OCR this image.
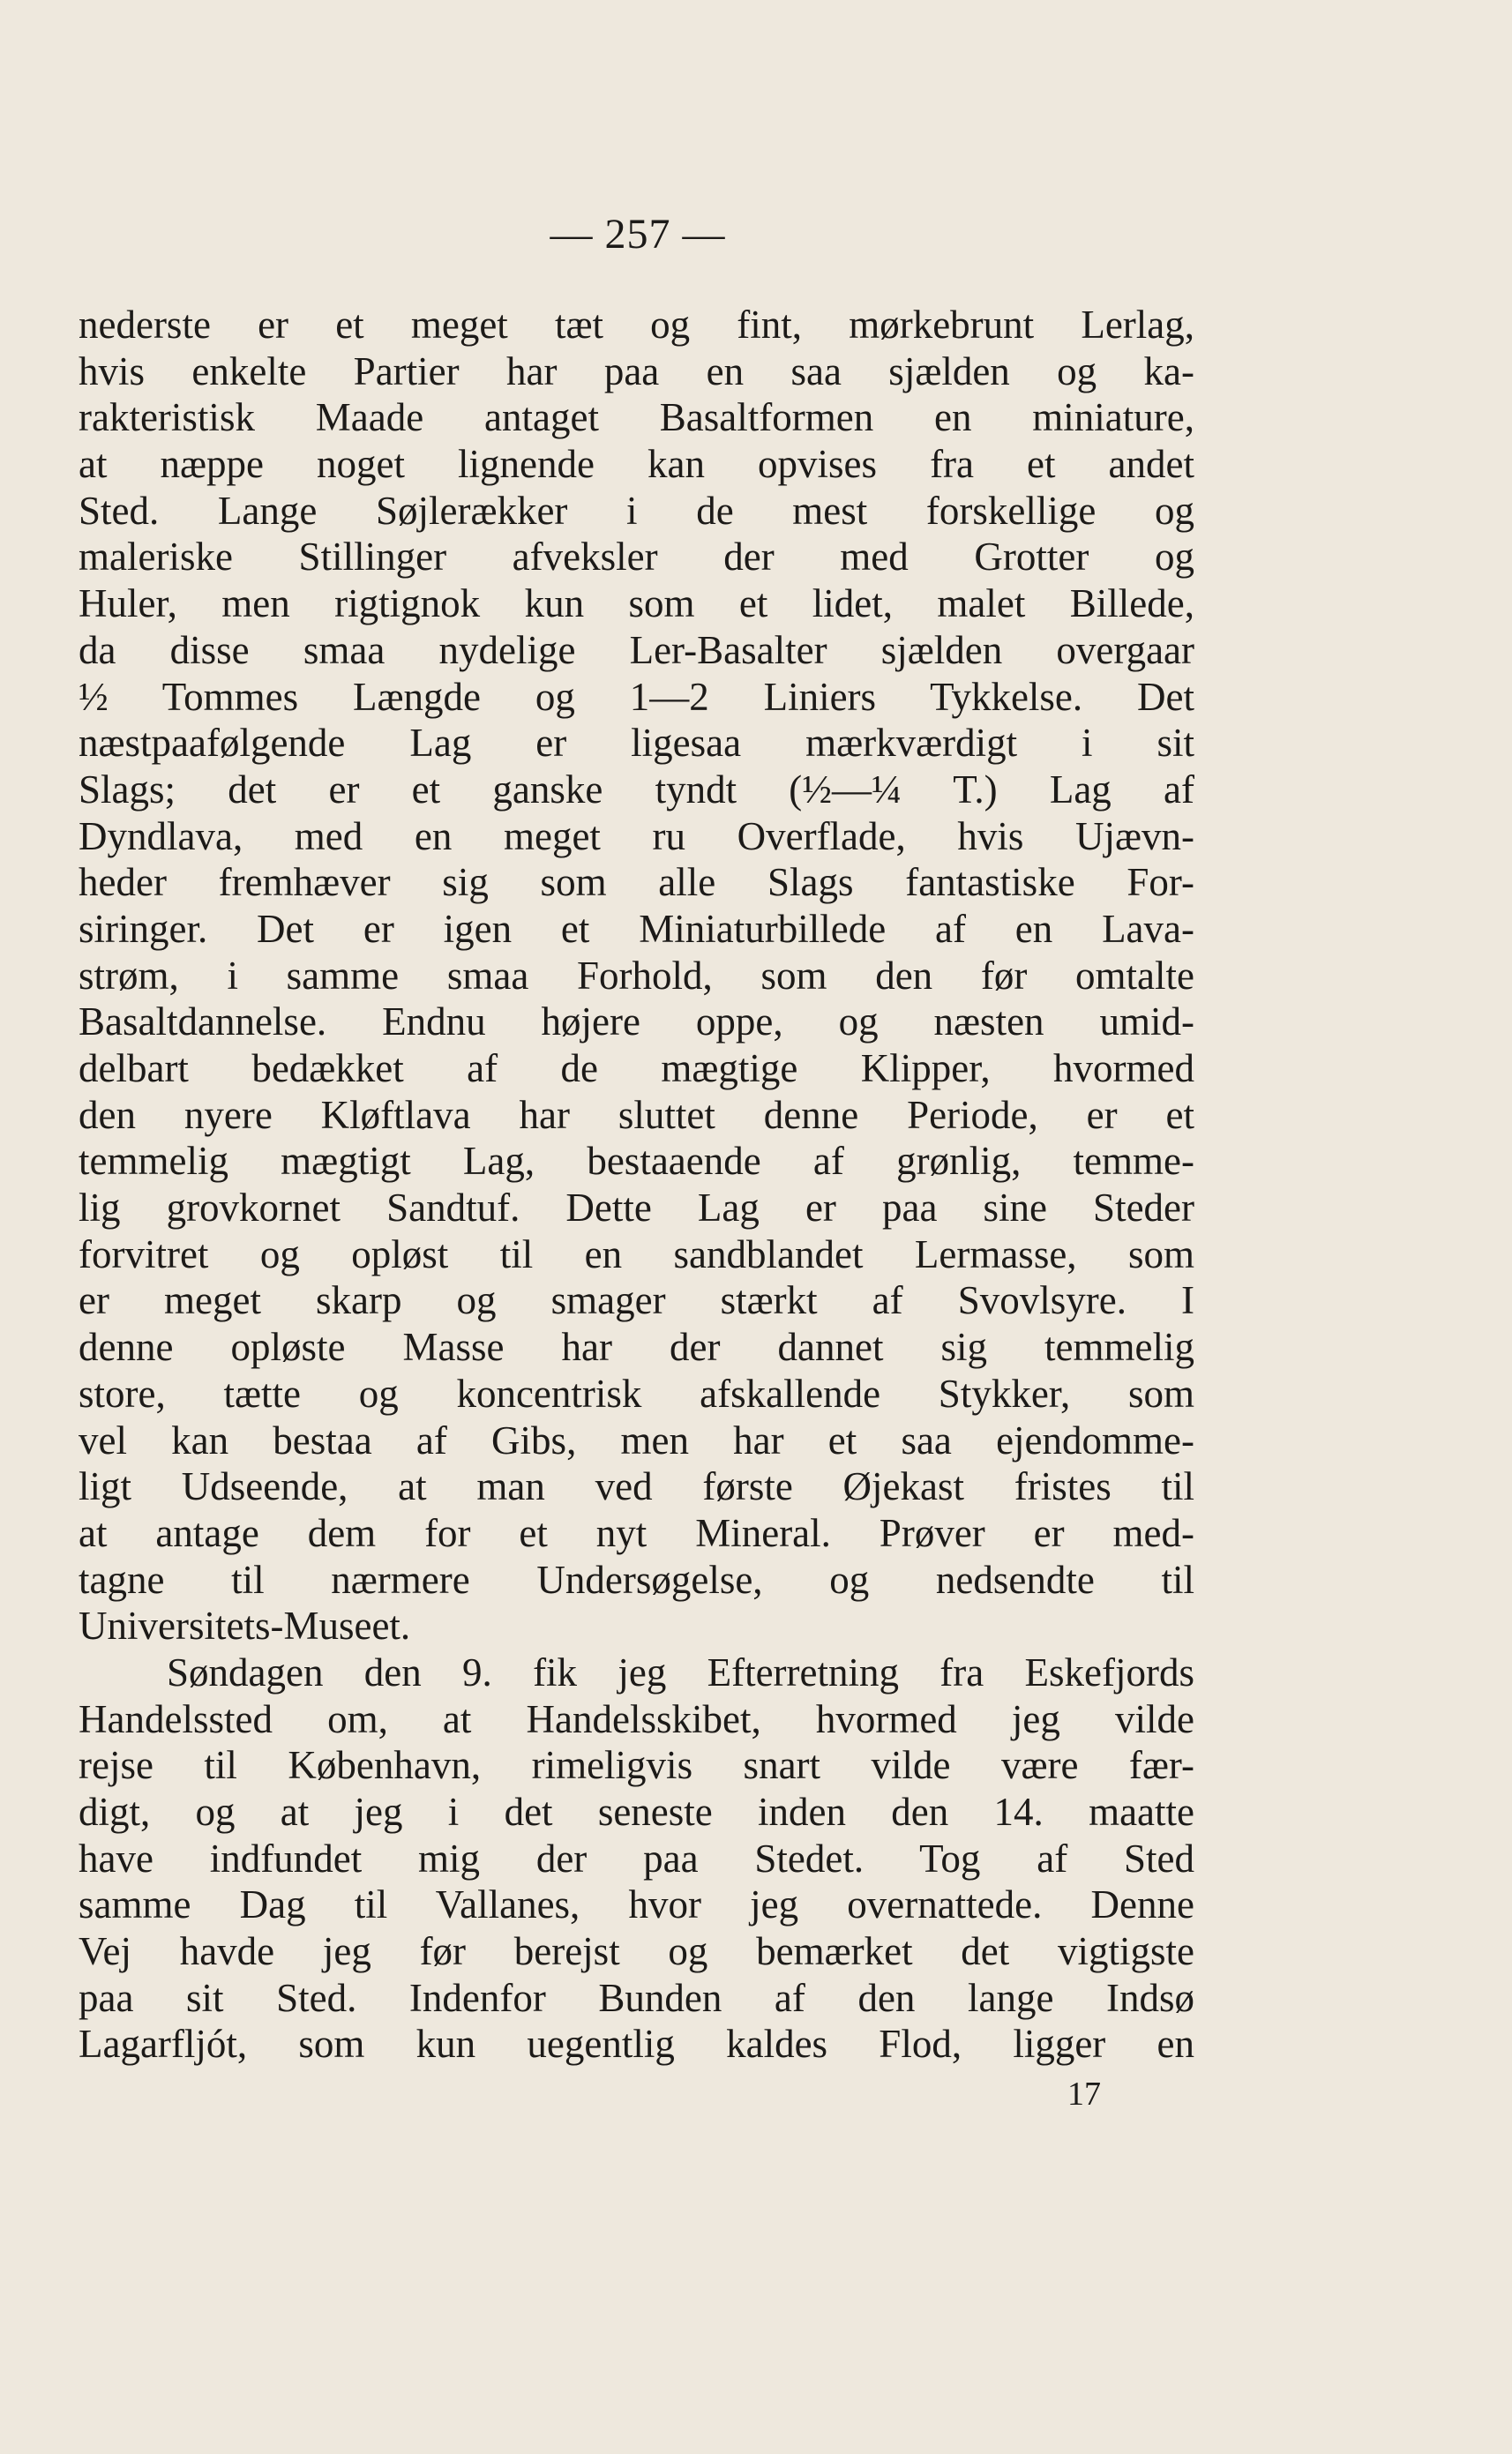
— 257 —
nederste er et meget tæt og fint, mørkebrunt Lerlag,
hvis enkelte Partier har paa en saa sjælden og ka-
rakteristisk Maade antaget Basaltformen en miniature,
at næppe noget lignende kan opvises fra et andet
Sted. Lange Søjlerækker i de mest forskellige og
maleriske Stillinger afveksler der med Grotter og
Huler, men rigtignok kun som et lidet, malet Billede,
da disse smaa nydelige Ler-Basalter sjælden overgaar
½ Tommes Længde og 1—2 Liniers Tykkelse. Det
næstpaafølgende Lag er ligesaa mærkværdigt i sit
Slags; det er et ganske tyndt (½—¼ T.) Lag af
Dyndlava, med en meget ru Overflade, hvis Ujævn-
heder fremhæver sig som alle Slags fantastiske For-
siringer. Det er igen et Miniaturbillede af en Lava-
strøm, i samme smaa Forhold, som den før omtalte
Basaltdannelse. Endnu højere oppe, og næsten umid-
delbart bedækket af de mægtige Klipper, hvormed
den nyere Kløftlava har sluttet denne Periode, er et
temmelig mægtigt Lag, bestaaende af grønlig, temme-
lig grovkornet Sandtuf. Dette Lag er paa sine Steder
forvitret og opløst til en sandblandet Lermasse, som
er meget skarp og smager stærkt af Svovlsyre. I
denne opløste Masse har der dannet sig temmelig
store, tætte og koncentrisk afskallende Stykker, som
vel kan bestaa af Gibs, men har et saa ejendomme-
ligt Udseende, at man ved første Øjekast fristes til
at antage dem for et nyt Mineral. Prøver er med-
tagne til nærmere Undersøgelse, og nedsendte til
Universitets-Museet.
Søndagen den 9. fik jeg Efterretning fra Eskefjords
Handelssted om, at Handelsskibet, hvormed jeg vilde
rejse til København, rimeligvis snart vilde være fær-
digt, og at jeg i det seneste inden den 14. maatte
have indfundet mig der paa Stedet. Tog af Sted
samme Dag til Vallanes, hvor jeg overnattede. Denne
Vej havde jeg før berejst og bemærket det vigtigste
paa sit Sted. Indenfor Bunden af den lange Indsø
Lagarfljót, som kun uegentlig kaldes Flod, ligger en
17
